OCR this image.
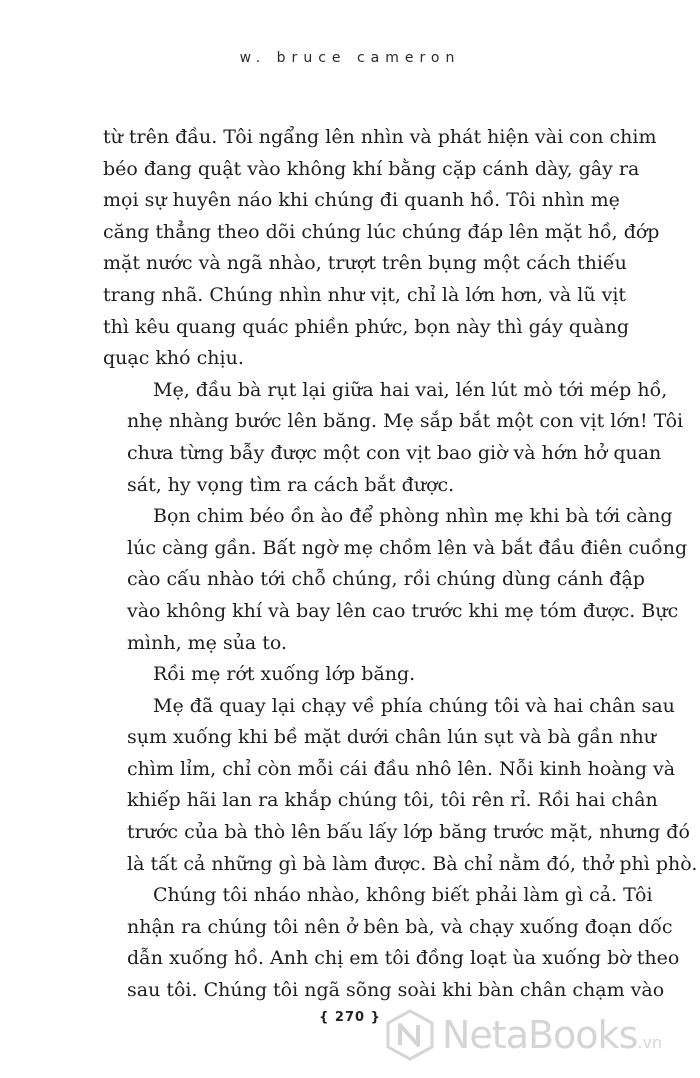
w. bruce cameron
từ trên đầu. Tôi ngẩng lên nhìn và phát hiện vài con chim
béo đang quật vào không khí bằng cặp cánh dày, gây ra
mọi sự huyên náo khi chúng đi quanh hồ. Tôi nhìn mẹ
căng thẳng theo dõi chúng lúc chúng đáp lên mặt hồ, đớp
mặt nước và ngã nhào, trượt trên bụng một cách thiếu
trang nhã. Chúng nhìn như vịt, chỉ là lớn hơn, và lũ vịt
thì kêu quang quác phiền phức, bọn này thì gáy quàng
quạc khó chịu.
Mẹ, đầu bà rụt lại giữa hai vai, lén lút mò tới mép hồ,
nhẹ nhàng bước lên băng. Mẹ sắp bắt một con vịt lớn! Tôi
chưa từng bẫy được một con vịt bao giờ và hớn hở quan
sát, hy vọng tìm ra cách bắt được.
Bọn chim béo ồn ào để phòng nhìn mẹ khi bà tới càng
lúc càng gần. Bất ngờ mẹ chồm lên và bắt đầu điên cuồng
cào cấu nhào tới chỗ chúng, rồi chúng dùng cánh đập
vào không khí và bay lên cao trước khi mẹ tóm được. Bực
mình, mẹ sủa to.
Rồi mẹ rớt xuống lớp băng.
Mẹ đã quay lại chạy về phía chúng tôi và hai chân sau
sụm xuống khi bề mặt dưới chân lún sụt và bà gần như
chìm lỉm, chỉ còn mỗi cái đầu nhô lên. Nỗi kinh hoàng và
khiếp hãi lan ra khắp chúng tôi, tôi rên rỉ. Rồi hai chân
trước của bà thò lên bấu lấy lớp băng trước mặt, nhưng đó
là tất cả những gì bà làm được. Bà chỉ nằm đó, thở phì phò.
Chúng tôi nháo nhào, không biết phải làm gì cả. Tôi
nhận ra chúng tôi nên ở bên bà, và chạy xuống đoạn dốc
dẫn xuống hồ. Anh chị em tôi đồng loạt ùa xuống bờ theo
sau tôi. Chúng tôi ngã sõng soài khi bàn chân chạm vào
{ 270 }	NetaBooks .vn
